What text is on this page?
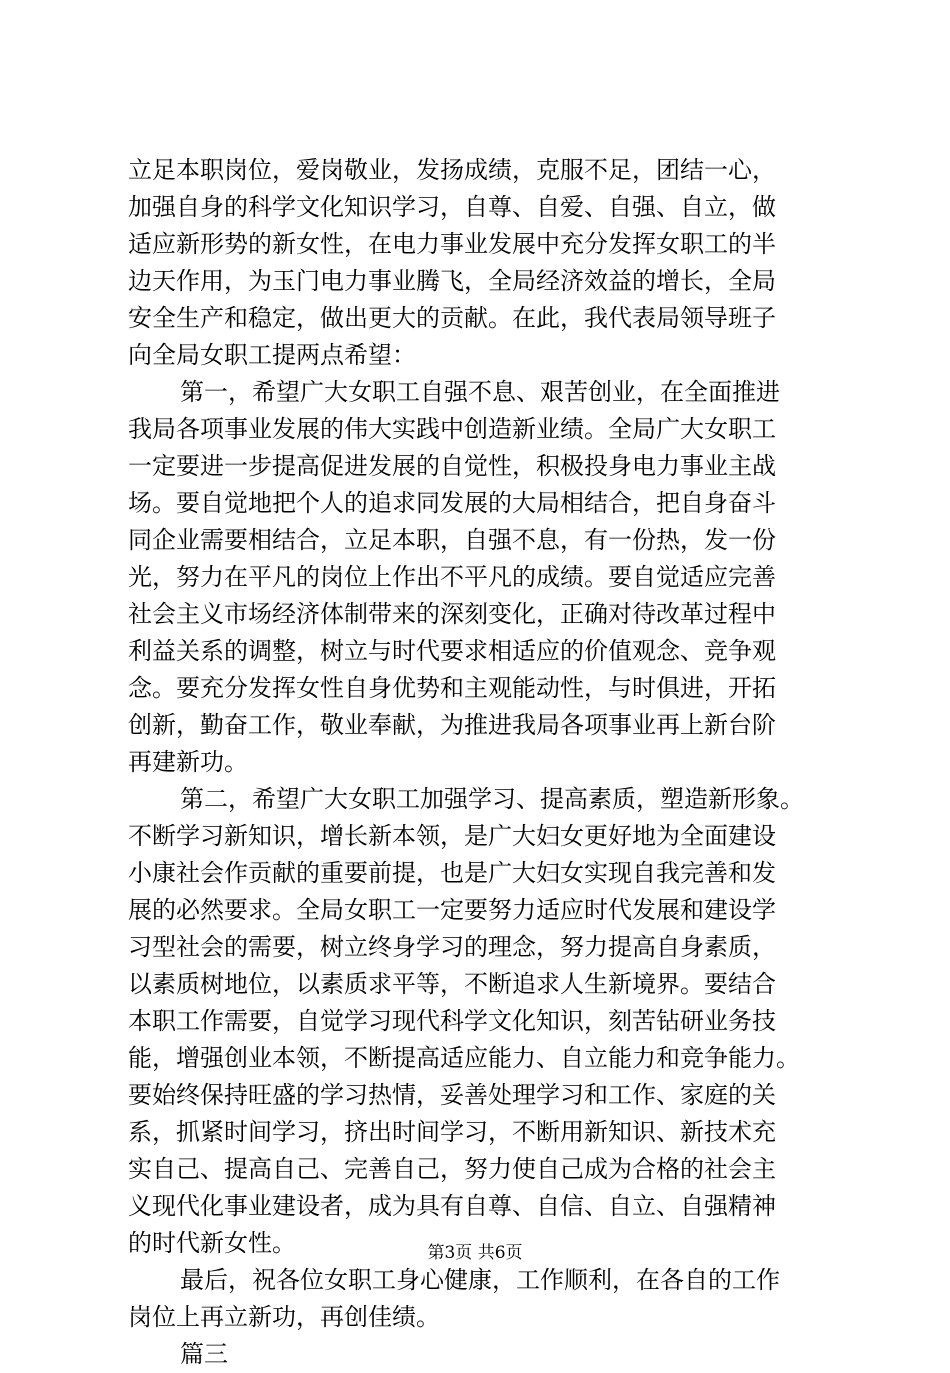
立足本职岗位，爱岗敬业，发扬成绩，克服不足，团结一心，
加强自身的科学文化知识学习，自尊、自爱、自强、自立，做
适应新形势的新女性，在电力事业发展中充分发挥女职工的半
边天作用，为玉门电力事业腾飞，全局经济效益的增长，全局
安全生产和稳定，做出更大的贡献。在此，我代表局领导班子
向全局女职工提两点希望：
第一，希望广大女职工自强不息、艰苦创业，在全面推进
我局各项事业发展的伟大实践中创造新业绩。全局广大女职工
一定要进一步提高促进发展的自觉性，积极投身电力事业主战
场。要自觉地把个人的追求同发展的大局相结合，把自身奋斗
同企业需要相结合，立足本职，自强不息，有一份热，发一份
光，努力在平凡的岗位上作出不平凡的成绩。要自觉适应完善
社会主义市场经济体制带来的深刻变化，正确对待改革过程中
利益关系的调整，树立与时代要求相适应的价值观念、竞争观
念。要充分发挥女性自身优势和主观能动性，与时俱进，开拓
创新，勤奋工作，敬业奉献，为推进我局各项事业再上新台阶
再建新功。
第二，希望广大女职工加强学习、提高素质，塑造新形象。
不断学习新知识，增长新本领，是广大妇女更好地为全面建设
小康社会作贡献的重要前提，也是广大妇女实现自我完善和发
展的必然要求。全局女职工一定要努力适应时代发展和建设学
习型社会的需要，树立终身学习的理念，努力提高自身素质，
以素质树地位，以素质求平等，不断追求人生新境界。要结合
本职工作需要，自觉学习现代科学文化知识，刻苦钻研业务技
能，增强创业本领，不断提高适应能力、自立能力和竞争能力。
要始终保持旺盛的学习热情，妥善处理学习和工作、家庭的关
系，抓紧时间学习，挤出时间学习，不断用新知识、新技术充
实自己、提高自己、完善自己，努力使自己成为合格的社会主
义现代化事业建设者，成为具有自尊、自信、自立、自强精神
的时代新女性。
最后，祝各位女职工身心健康，工作顺利，在各自的工作
岗位上再立新功，再创佳绩。
篇三
第3页 共6页
